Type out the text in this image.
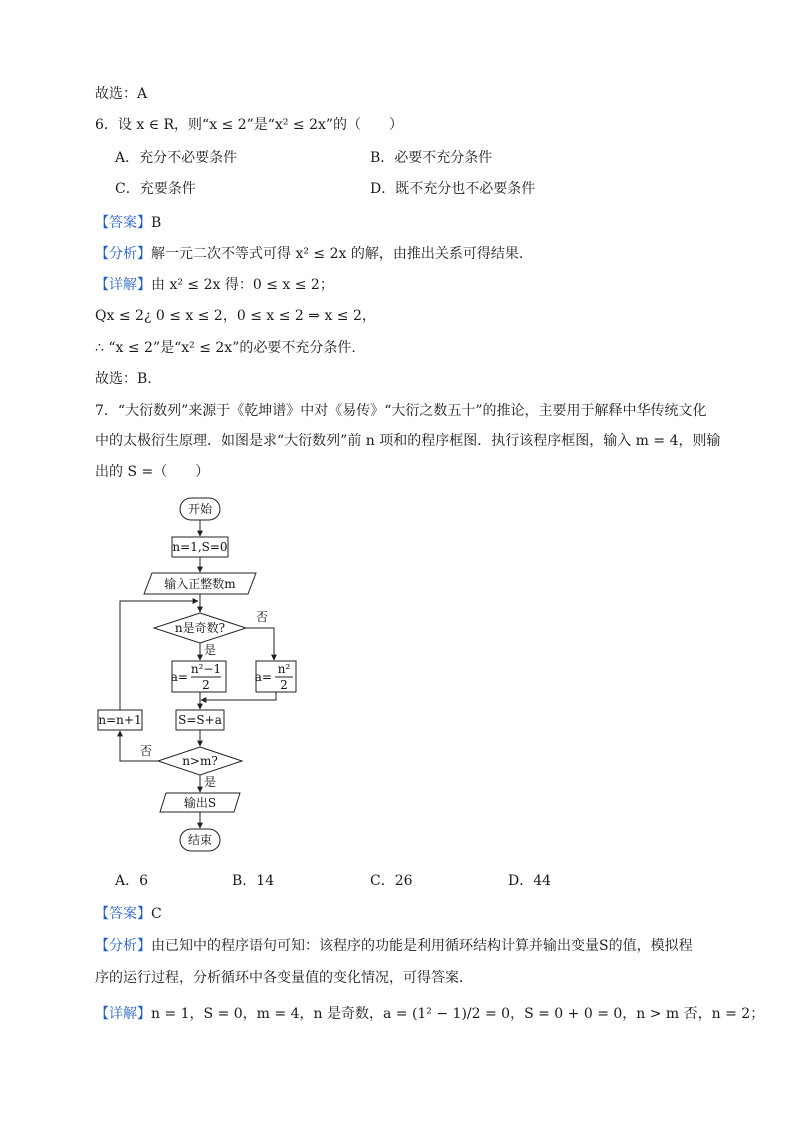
故选：A
6．设 x ∈ R，则“x ≤ 2”是“x² ≤ 2x”的（　　）
A．充分不必要条件	B．必要不充分条件
C．充要条件	D．既不充分也不必要条件
【答案】B
【分析】解一元二次不等式可得 x² ≤ 2x 的解，由推出关系可得结果.
【详解】由 x² ≤ 2x 得：0 ≤ x ≤ 2；
Qx ≤ 2¿ 0 ≤ x ≤ 2，0 ≤ x ≤ 2 ⇒ x ≤ 2，
∴ “x ≤ 2”是“x² ≤ 2x”的必要不充分条件.
故选：B.
7．“大衍数列”来源于《乾坤谱》中对《易传》“大衍之数五十”的推论，主要用于解释中华传统文化
中的太极衍生原理．如图是求“大衍数列”前 n 项和的程序框图．执行该程序框图，输入 m = 4，则输
出的 S =（　　）
开始
n=1,S=0
输入正整数m
n是奇数?
否
是
a=
n²−1
2
a=
n²
2
S=S+a
n>m?
否
n=n+1
是
输出S
结束
A．6	B．14	C．26	D．44
【答案】C
【分析】由已知中的程序语句可知：该程序的功能是利用循环结构计算并输出变量S的值，模拟程
序的运行过程，分析循环中各变量值的变化情况，可得答案．
【详解】n = 1，S = 0，m = 4，n 是奇数，a = (1² − 1)/2 = 0，S = 0 + 0 = 0，n > m 否，n = 2；
